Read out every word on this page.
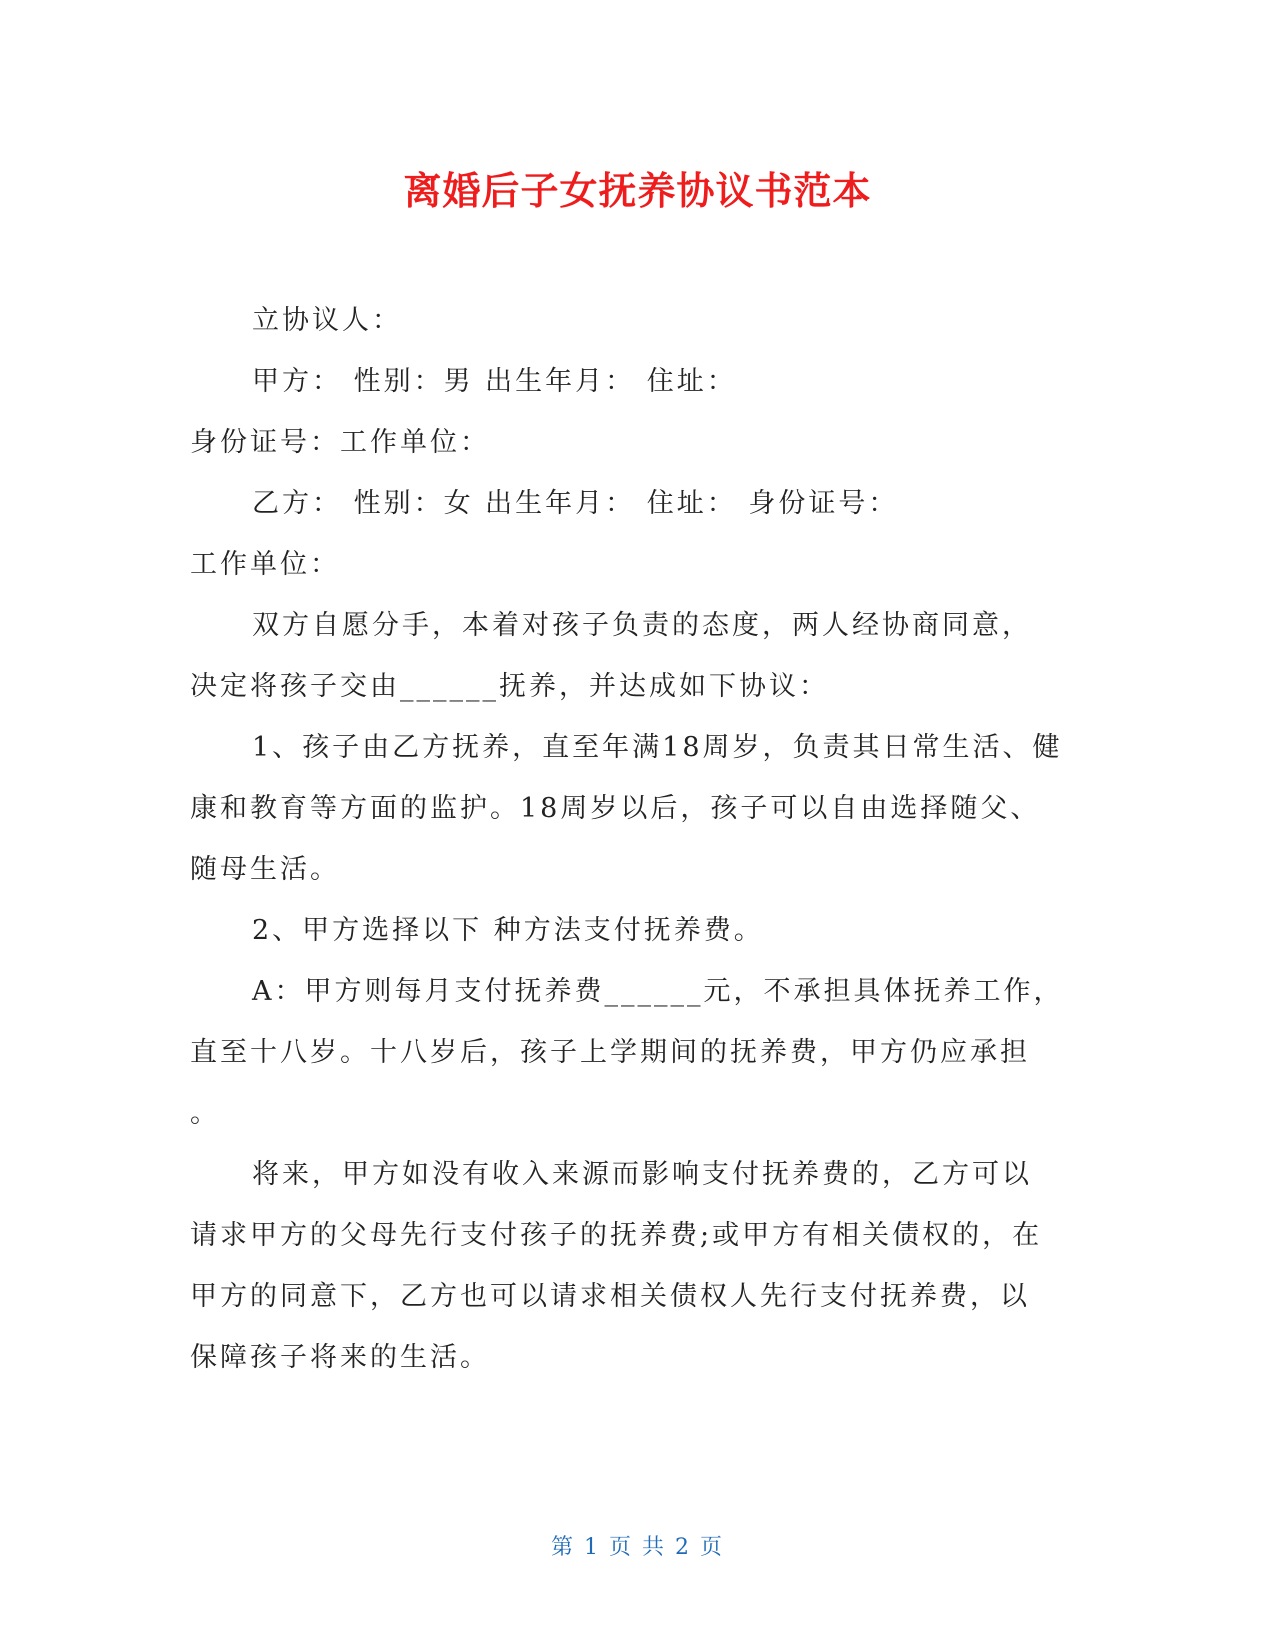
离婚后子女抚养协议书范本
立协议人：
甲方： 性别：男 出生年月： 住址：
身份证号：工作单位：
乙方： 性别：女 出生年月： 住址： 身份证号：
工作单位：
双方自愿分手，本着对孩子负责的态度，两人经协商同意，
决定将孩子交由______抚养，并达成如下协议：
1、孩子由乙方抚养，直至年满18周岁，负责其日常生活、健
康和教育等方面的监护。18周岁以后，孩子可以自由选择随父、
随母生活。
2、甲方选择以下 种方法支付抚养费。
A：甲方则每月支付抚养费______元，不承担具体抚养工作，
直至十八岁。十八岁后，孩子上学期间的抚养费，甲方仍应承担
。
将来，甲方如没有收入来源而影响支付抚养费的，乙方可以
请求甲方的父母先行支付孩子的抚养费;或甲方有相关债权的，在
甲方的同意下，乙方也可以请求相关债权人先行支付抚养费，以
保障孩子将来的生活。
第 1 页 共 2 页
